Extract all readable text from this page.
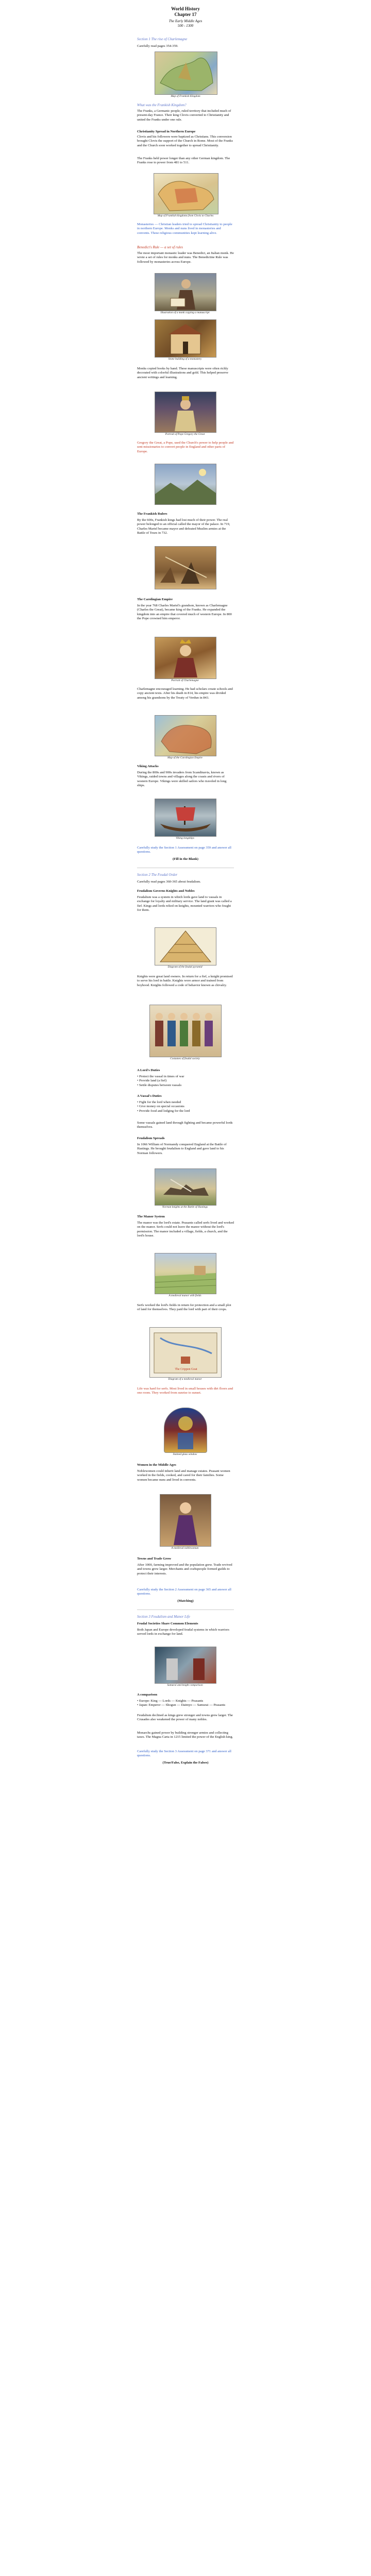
World History
Chapter 17
The Early Middle Ages
500 - 1300

Section 1 The rise of Charlemagne

Carefully read pages 354-359.
Map of Frankish Kingdom

What was the Frankish Kingdom?

The Franks, a Germanic people, ruled territory that included much of present-day France. Their king Clovis converted to Christianity and united the Franks under one rule.
Christianity Spread in Northern Europe
Clovis and his followers were baptized as Christians. This conversion brought Clovis the support of the Church in Rome. Most of the Franks and the Church soon worked together to spread Christianity.
The Franks held power longer than any other German kingdom. The Franks rose to power from 481 to 511.
Map of Frankish kingdoms from Clovis to Charles
Monasteries — Christian leaders tried to spread Christianity to people in northern Europe. Monks and nuns lived in monasteries and convents. These religious communities kept learning alive.

Benedict's Rule — a set of rules

The most important monastic leader was Benedict, an Italian monk. He wrote a set of rules for monks and nuns. The Benedictine Rule was followed by monasteries across Europe.
Illustration of a monk copying a manuscript
Stone building of a monastery
Monks copied books by hand. These manuscripts were often richly decorated with colorful illustrations and gold. This helped preserve ancient writings and learning.
Portrait of Pope Gregory the Great
Gregory the Great, a Pope, used the Church's power to help people and sent missionaries to convert people in England and other parts of Europe.
The Frankish Rulers
By the 600s, Frankish kings had lost much of their power. The real power belonged to an official called the mayor of the palace. In 719, Charles Martel became mayor and defeated Muslim armies at the Battle of Tours in 732.
The Carolingian Empire
In the year 768 Charles Martel's grandson, known as Charlemagne (Charles the Great), became king of the Franks. He expanded the kingdom into an empire that covered much of western Europe. In 800 the Pope crowned him emperor.
Portrait of Charlemagne
Charlemagne encouraged learning. He had scholars create schools and copy ancient texts. After his death in 814, his empire was divided among his grandsons by the Treaty of Verdun in 843.
Map of the Carolingian Empire
Viking Attacks
During the 800s and 900s invaders from Scandinavia, known as Vikings, raided towns and villages along the coasts and rivers of western Europe. Vikings were skilled sailors who traveled in long ships.
Viking longships
Carefully study the Section 1 Assessment on page 359 and answer all questions.
(Fill in the Blank)

Section 2 The Feudal Order

Carefully read pages 360-365 about feudalism.
Feudalism Governs Knights and Nobles
Feudalism was a system in which lords gave land to vassals in exchange for loyalty and military service. The land grant was called a fief. Kings and lords relied on knights, mounted warriors who fought for them.
Diagram of the feudal pyramid
Knights were great land owners. In return for a fief, a knight promised to serve his lord in battle. Knights wore armor and trained from boyhood. Knights followed a code of behavior known as chivalry.
Costumes of feudal society
A Lord's Duties
• Protect the vassal in times of war
• Provide land (a fief)
• Settle disputes between vassals
A Vassal's Duties
• Fight for the lord when needed
• Give money on special occasions
• Provide food and lodging for the lord
Some vassals gained land through fighting and became powerful lords themselves.
Feudalism Spreads
In 1066 William of Normandy conquered England at the Battle of Hastings. He brought feudalism to England and gave land to his Norman followers.
Norman knights at the Battle of Hastings
The Manor System
The manor was the lord's estate. Peasants called serfs lived and worked on the manor. Serfs could not leave the manor without the lord's permission. The manor included a village, fields, a church, and the lord's house.
A medieval manor with fields
Serfs worked the lord's fields in return for protection and a small plot of land for themselves. They paid the lord with part of their crops.
The Crippen Goat
Diagram of a medieval manor
Life was hard for serfs. Most lived in small houses with dirt floors and one room. They worked from sunrise to sunset.
Stained glass window
Women in the Middle Ages
Noblewomen could inherit land and manage estates. Peasant women worked in the fields, cooked, and cared for their families. Some women became nuns and lived in convents.
A medieval noblewoman
Towns and Trade Grow
After 1000, farming improved and the population grew. Trade revived and towns grew larger. Merchants and craftspeople formed guilds to protect their interests.
Carefully study the Section 2 Assessment on page 365 and answer all questions.
(Matching)

Section 3 Feudalism and Manor Life

Feudal Societies Share Common Elements
Both Japan and Europe developed feudal systems in which warriors served lords in exchange for land.
Samurai and knight comparison
A comparison
• Europe: King — Lords — Knights — Peasants
• Japan: Emperor — Shogun — Daimyo — Samurai — Peasants
Feudalism declined as kings grew stronger and towns grew larger. The Crusades also weakened the power of many nobles.
Monarchs gained power by building stronger armies and collecting taxes. The Magna Carta in 1215 limited the power of the English king.
Carefully study the Section 3 Assessment on page 371 and answer all questions.
(True/False, Explain the Falses)
